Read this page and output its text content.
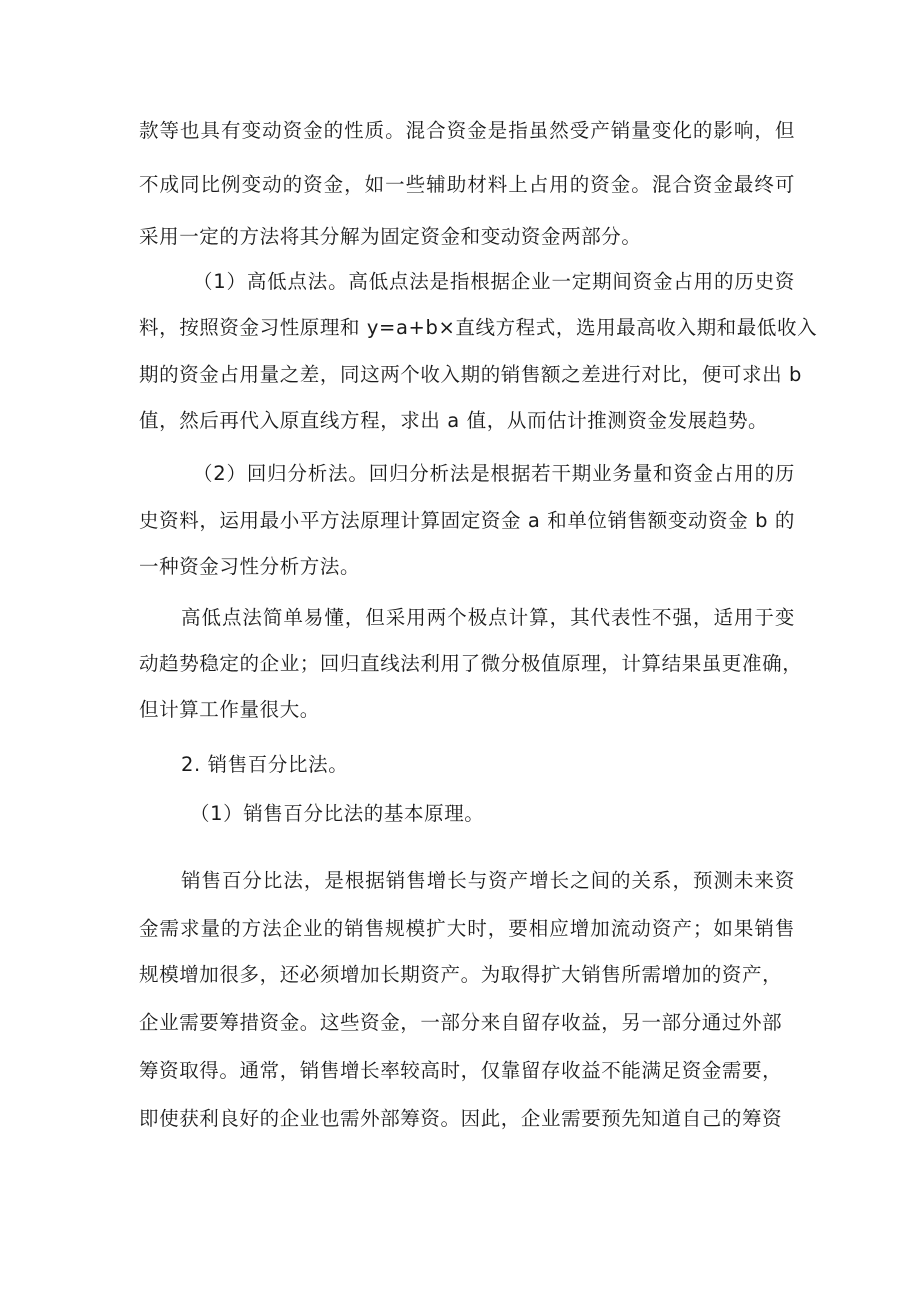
款等也具有变动资金的性质。混合资金是指虽然受产销量变化的影响，但
不成同比例变动的资金，如一些辅助材料上占用的资金。混合资金最终可
采用一定的方法将其分解为固定资金和变动资金两部分。
（1）高低点法。高低点法是指根据企业一定期间资金占用的历史资
料，按照资金习性原理和 y=a+b×直线方程式，选用最高收入期和最低收入
期的资金占用量之差，同这两个收入期的销售额之差进行对比，便可求出 b
值，然后再代入原直线方程，求出 a 值，从而估计推测资金发展趋势。
（2）回归分析法。回归分析法是根据若干期业务量和资金占用的历
史资料，运用最小平方法原理计算固定资金 a 和单位销售额变动资金 b 的
一种资金习性分析方法。
高低点法简单易懂，但采用两个极点计算，其代表性不强，适用于变
动趋势稳定的企业；回归直线法利用了微分极值原理，计算结果虽更准确，
但计算工作量很大。
2. 销售百分比法。
（1）销售百分比法的基本原理。
销售百分比法，是根据销售增长与资产增长之间的关系，预测未来资
金需求量的方法企业的销售规模扩大时，要相应增加流动资产；如果销售
规模增加很多，还必须增加长期资产。为取得扩大销售所需增加的资产，
企业需要筹措资金。这些资金，一部分来自留存收益，另一部分通过外部
筹资取得。通常，销售增长率较高时，仅靠留存收益不能满足资金需要，
即使获利良好的企业也需外部筹资。因此，企业需要预先知道自己的筹资
